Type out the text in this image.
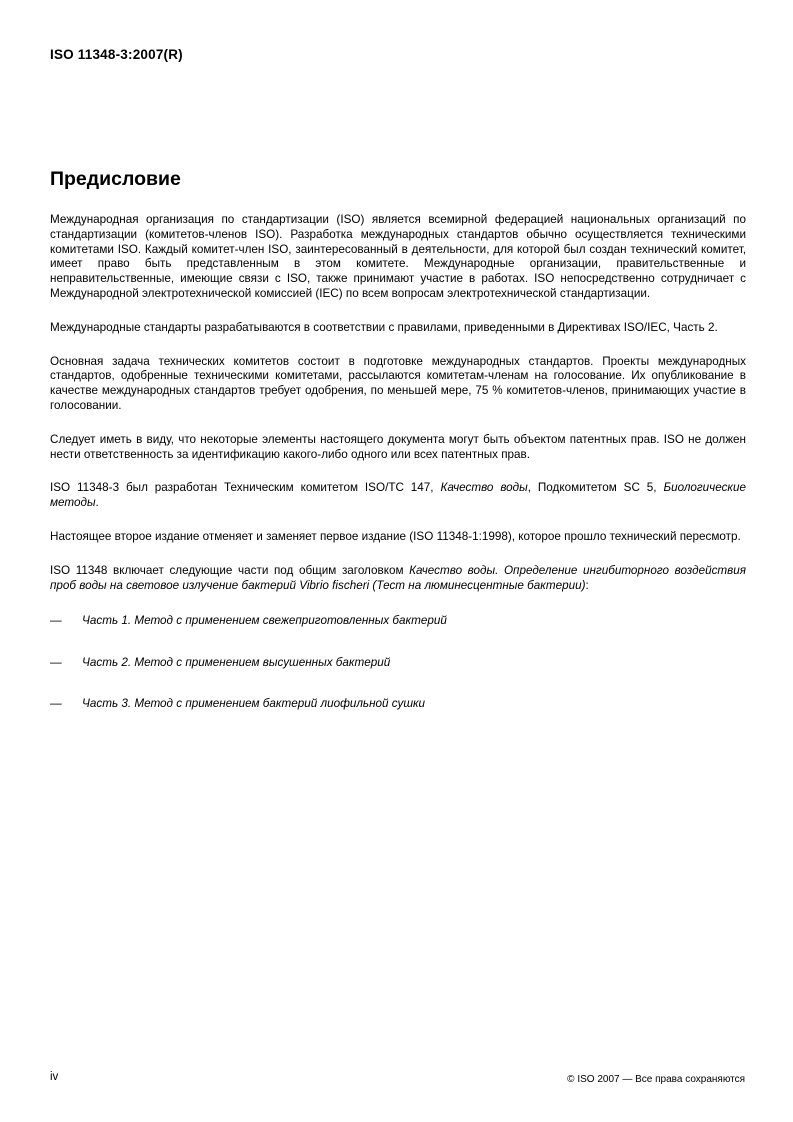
ISO 11348-3:2007(R)
Предисловие

Международная организация по стандартизации (ISO) является всемирной федерацией национальных организаций по стандартизации (комитетов-членов ISO). Разработка международных стандартов обычно осуществляется техническими комитетами ISO. Каждый комитет-член ISO, заинтересованный в деятельности, для которой был создан технический комитет, имеет право быть представленным в этом комитете. Международные организации, правительственные и неправительственные, имеющие связи с ISO, также принимают участие в работах. ISO непосредственно сотрудничает с Международной электротехнической комиссией (IEC) по всем вопросам электротехнической стандартизации.

Международные стандарты разрабатываются в соответствии с правилами, приведенными в Директивах ISO/IEC, Часть 2.

Основная задача технических комитетов состоит в подготовке международных стандартов. Проекты международных стандартов, одобренные техническими комитетами, рассылаются комитетам-членам на голосование. Их опубликование в качестве международных стандартов требует одобрения, по меньшей мере, 75 % комитетов-членов, принимающих участие в голосовании.

Следует иметь в виду, что некоторые элементы настоящего документа могут быть объектом патентных прав. ISO не должен нести ответственность за идентификацию какого-либо одного или всех патентных прав.

ISO 11348-3 был разработан Техническим комитетом ISO/TC 147, Качество воды, Подкомитетом SC 5, Биологические методы.

Настоящее второе издание отменяет и заменяет первое издание (ISO 11348-1:1998), которое прошло технический пересмотр.

ISO 11348 включает следующие части под общим заголовком Качество воды. Определение ингибиторного воздействия проб воды на световое излучение бактерий Vibrio fischeri (Тест на люминесцентные бактерии):

—	Часть 1. Метод с применением свежеприготовленных бактерий
—	Часть 2. Метод с применением высушенных бактерий
—	Часть 3. Метод с применением бактерий лиофильной сушки
iv	© ISO 2007 — Все права сохраняются
